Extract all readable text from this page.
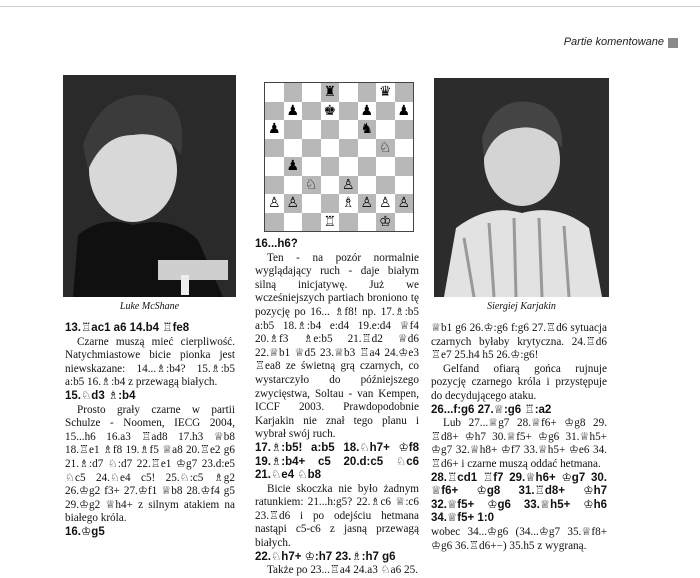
Partie komentowane
Luke McShane	Siergiej Karjakin
♜	♛
♟ ♚ ♟ ♟
♟	♞
♘
♟
♘ ♙
♙ ♙	♗ ♙ ♙ ♙
♖	♔

13.♖ac1 a6 14.b4 ♖fe8

Czarne muszą mieć cierpliwość. Natychmiastowe bicie pionka jest niewskazane: 14...♗:b4? 15.♗:b5 a:b5 16.♗:b4 z przewagą białych.

15.♘d3 ♗:b4

Prosto grały czarne w partii Schulze - Noomen, IECG 2004, 15...h6 16.a3 ♖ad8 17.h3 ♕b8 18.♖e1 ♗f8 19.♗f5 ♕a8 20.♖e2 g6 21.♗:d7 ♘:d7 22.♖e1 ♔g7 23.d:e5 ♘c5 24.♘e4 c5! 25.♘:c5 ♗g2 26.♔g2 f3+ 27.♔f1 ♕b8 28.♔f4 g5 29.♔g2 ♕h4+ z silnym atakiem na białego króla.

16.♔g5

16...h6?

Ten - na pozór normalnie wyglądający ruch - daje białym silną inicjatywę. Już we wcześniejszych partiach broniono tę pozycję po 16... ♗f8! np. 17.♗:b5 a:b5 18.♗:b4 e:d4 19.e:d4 ♕f4 20.♗f3 ♗e:b5 21.♖d2 ♕d6 22.♕b1 ♕d5 23.♕b3 ♖a4 24.♔e3 ♖ea8 ze świetną grą czarnych, co wystarczyło do późniejszego zwycięstwa, Soltau - van Kempen, ICCF 2003. Prawdopodobnie Karjakin nie znał tego planu i wybrał swój ruch.

17.♗:b5! a:b5 18.♘h7+ ♔f8 19.♗:b4+ c5 20.d:c5 ♘c6 21.♘e4 ♘b8

Bicie skoczka nie było żadnym ratunkiem: 21...h:g5? 22.♗c6 ♕:c6 23.♖d6 i po odejściu hetmana nastąpi c5-c6 z jasną przewagą białych.

22.♘h7+ ♔:h7 23.♗:h7 g6

Także po 23...♖a4 24.a3 ♘a6 25.

♕b1 g6 26.♔:g6 f:g6 27.♖d6 sytuacja czarnych byłaby krytyczna. 24.♖d6 ♖e7 25.h4 h5 26.♔:g6!

Gelfand ofiarą gońca rujnuje pozycję czarnego króla i przystępuje do decydującego ataku.

26...f:g6 27.♕:g6 ♖:a2

Lub 27...♕g7 28.♕f6+ ♔g8 29. ♖d8+ ♔h7 30.♕f5+ ♔g6 31.♕h5+ ♔g7 32.♕h8+ ♔f7 33.♕h5+ ♔e6 34. ♖d6+ i czarne muszą oddać hetmana.

28.♖cd1 ♖f7 29.♕h6+ ♔g7 30. ♕f6+ ♔g8 31.♖d8+ ♔h7 32.♕f5+ ♔g6 33.♕h5+ ♔h6 34.♕f5+ 1:0

wobec 34...♔g6 (34...♔g7 35.♕f8+ ♔g6 36.♖d6+−) 35.h5 z wygraną.
